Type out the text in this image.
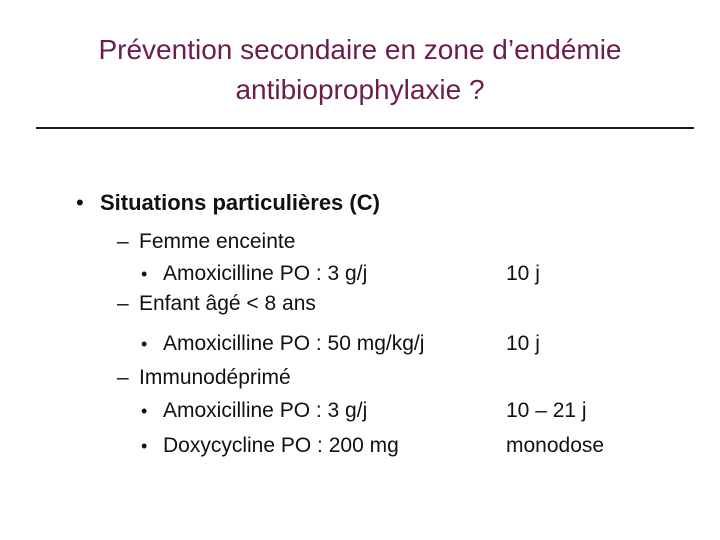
Prévention secondaire en zone d’endémie
antibioprophylaxie ?
• Situations particulières (C)
– Femme enceinte
• Amoxicilline PO : 3 g/j	10 j
– Enfant âgé < 8 ans
• Amoxicilline PO : 50 mg/kg/j	10 j
– Immunodéprimé
• Amoxicilline PO : 3 g/j	10 – 21 j
• Doxycycline PO : 200 mg	monodose
